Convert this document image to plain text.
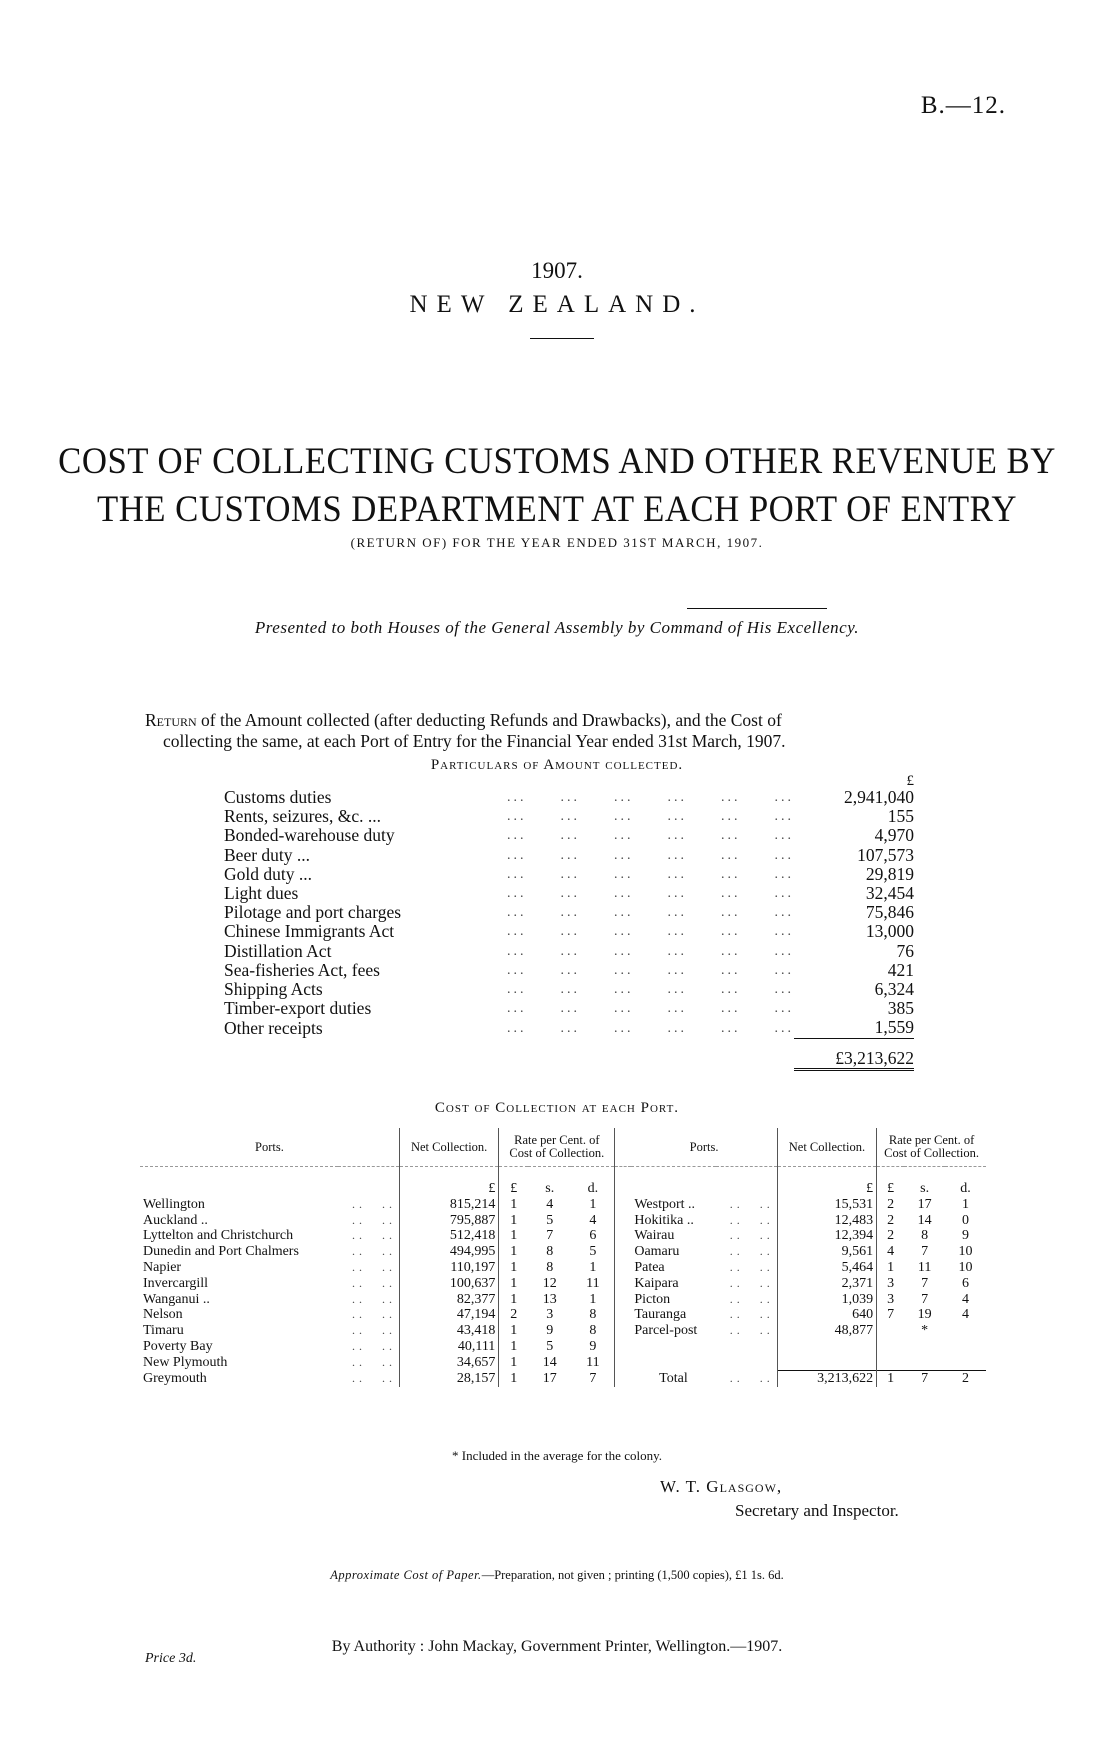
B.—12.
1907.
NEW ZEALAND.
COST OF COLLECTING CUSTOMS AND OTHER REVENUE BY
THE CUSTOMS DEPARTMENT AT EACH PORT OF ENTRY
(RETURN OF) FOR THE YEAR ENDED 31ST MARCH, 1907.
Presented to both Houses of the General Assembly by Command of His Excellency.
Return of the Amount collected (after deducting Refunds and Drawbacks), and the Cost of
collecting the same, at each Port of Entry for the Financial Year ended 31st March, 1907.
Particulars of Amount collected.
		£
Customs duties	...  ...  ...  ...  ...  ...	2,941,040
Rents, seizures, &c. ...	...  ...  ...  ...  ...  ...	155
Bonded-warehouse duty	...  ...  ...  ...  ...  ...	4,970
Beer duty ...	...  ...  ...  ...  ...  ...	107,573
Gold duty ...	...  ...  ...  ...  ...  ...	29,819
Light dues	...  ...  ...  ...  ...  ...	32,454
Pilotage and port charges	...  ...  ...  ...  ...  ...	75,846
Chinese Immigrants Act	...  ...  ...  ...  ...  ...	13,000
Distillation Act	...  ...  ...  ...  ...  ...	76
Sea-fisheries Act, fees	...  ...  ...  ...  ...  ...	421
Shipping Acts	...  ...  ...  ...  ...  ...	6,324
Timber-export duties	...  ...  ...  ...  ...  ...	385
Other receipts	...  ...  ...  ...  ...  ...	1,559
		£3,213,622

Cost of Collection at each Port.
Ports.		Net Collection.	Rate per Cent. of Cost of Collection.				Ports.		Net Collection.	Rate per Cent. of Cost of Collection.		
		£	£	s.	d.				£	£	s.	d.
Wellington	.. ..	815,214	1	4	1		Westport ..	.. ..	15,531	2	17	1
Auckland ..	.. ..	795,887	1	5	4		Hokitika ..	.. ..	12,483	2	14	0
Lyttelton and Christchurch	.. ..	512,418	1	7	6		Wairau	.. ..	12,394	2	8	9
Dunedin and Port Chalmers	.. ..	494,995	1	8	5		Oamaru	.. ..	9,561	4	7	10
Napier	.. ..	110,197	1	8	1		Patea	.. ..	5,464	1	11	10
Invercargill	.. ..	100,637	1	12	11		Kaipara	.. ..	2,371	3	7	6
Wanganui ..	.. ..	82,377	1	13	1		Picton	.. ..	1,039	3	7	4
Nelson	.. ..	47,194	2	3	8		Tauranga	.. ..	640	7	19	4
Timaru	.. ..	43,418	1	9	8		Parcel-post	.. ..	48,877		*	
Poverty Bay	.. ..	40,111	1	5	9							
New Plymouth	.. ..	34,657	1	14	11							
Greymouth	.. ..	28,157	1	17	7		Total	.. ..	3,213,622	1	7	2
* Included in the average for the colony.
W. T. Glasgow,
Secretary and Inspector.
Approximate Cost of Paper.—Preparation, not given ; printing (1,500 copies), £1 1s. 6d.
By Authority : John Mackay, Government Printer, Wellington.—1907.
Price 3d.
